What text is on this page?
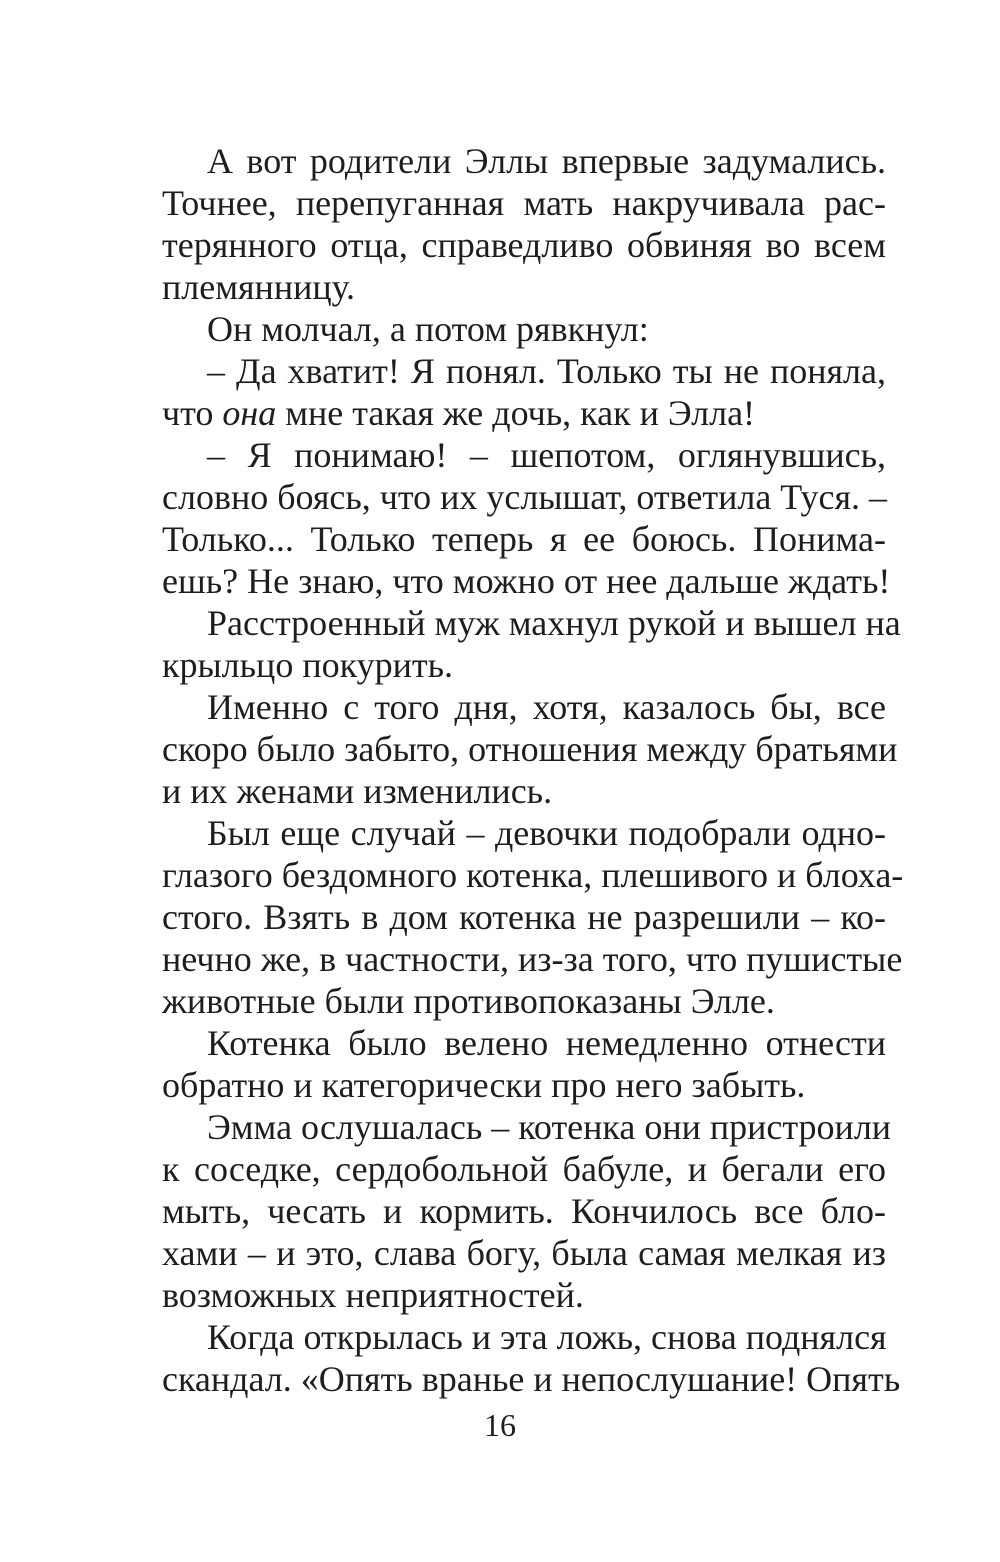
А вот родители Эллы впервые задумались.
Точнее, перепуганная мать накручивала рас-
терянного отца, справедливо обвиняя во всем
племянницу.
Он молчал, а потом рявкнул:
– Да хватит! Я понял. Только ты не поняла,
что она мне такая же дочь, как и Элла!
– Я понимаю! – шепотом, оглянувшись,
словно боясь, что их услышат, ответила Туся. –
Только... Только теперь я ее боюсь. Понима-
ешь? Не знаю, что можно от нее дальше ждать!
Расстроенный муж махнул рукой и вышел на
крыльцо покурить.
Именно с того дня, хотя, казалось бы, все
скоро было забыто, отношения между братьями
и их женами изменились.
Был еще случай – девочки подобрали одно-
глазого бездомного котенка, плешивого и блоха-
стого. Взять в дом котенка не разрешили – ко-
нечно же, в частности, из-за того, что пушистые
животные были противопоказаны Элле.
Котенка было велено немедленно отнести
обратно и категорически про него забыть.
Эмма ослушалась – котенка они пристроили
к соседке, сердобольной бабуле, и бегали его
мыть, чесать и кормить. Кончилось все бло-
хами – и это, слава богу, была самая мелкая из
возможных неприятностей.
Когда открылась и эта ложь, снова поднялся
скандал. «Опять вранье и непослушание! Опять
16
